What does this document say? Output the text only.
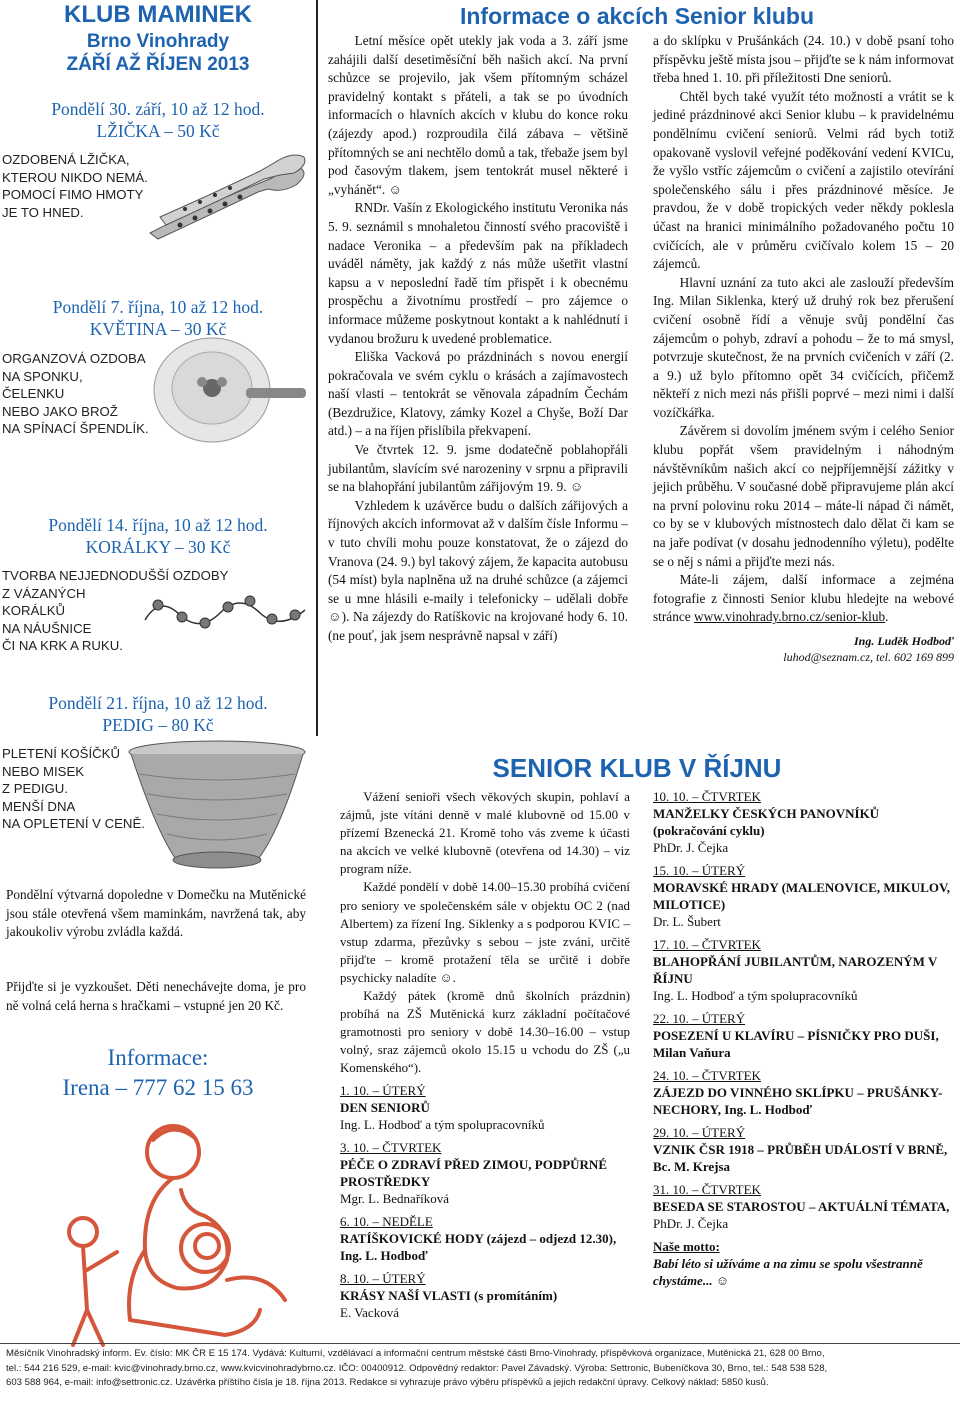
KLUB MAMINEK
Brno Vinohrady
ZÁŘÍ AŽ ŘÍJEN 2013
Pondělí 30. září, 10 až 12 hod.
LŽIČKA – 50 Kč
OZDOBENÁ LŽIČKA,
KTEROU NIKDO NEMÁ.
POMOCÍ FIMO HMOTY
JE TO HNED.
Pondělí 7. října, 10 až 12 hod.
KVĚTINA – 30 Kč
ORGANZOVÁ OZDOBA
NA SPONKU,
ČELENKU
NEBO JAKO BROŽ
NA SPÍNACÍ ŠPENDLÍK.
Pondělí 14. října, 10 až 12 hod.
KORÁLKY – 30 Kč
TVORBA NEJJEDNODUŠŠÍ OZDOBY
Z VÁZANÝCH
KORÁLKŮ
NA NÁUŠNICE
ČI NA KRK A RUKU.
Pondělí 21. října, 10 až 12 hod.
PEDIG – 80 Kč
PLETENÍ KOŠÍČKŮ
NEBO MISEK
Z PEDIGU.
MENŠÍ DNA
NA OPLETENÍ V CENĚ.

Pondělní výtvarná dopoledne v Domečku na Mutěnické jsou stále otevřená všem maminkám, navržená tak, aby jakoukoliv výrobu zvládla každá.

Přijďte si je vyzkoušet. Děti nenechávejte doma, je pro ně volná celá herna s hračkami – vstupné jen 20 Kč.

Informace:
Irena – 777 62 15 63
Informace o akcích Senior klubu

Letní měsíce opět utekly jak voda a 3. září jsme zahájili další desetiměsíční běh našich akcí. Na první schůzce se projevilo, jak všem přítomným scházel pravidelný kontakt s přáteli, a tak se po úvodních informacích o hlavních akcích v klubu do konce roku (zájezdy apod.) rozproudila čilá zábava – většině přítomných se ani nechtělo domů a tak, třebaže jsem byl pod časovým tlakem, jsem tentokrát musel některé i „vyhánět“. ☺

RNDr. Vašín z Ekologického institutu Veronika nás 5. 9. seznámil s mnohaletou činností svého pracoviště i nadace Veronika – a především pak na příkladech uváděl náměty, jak každý z nás může ušetřit vlastní kapsu a v neposlední řadě tím přispět i k obecnému prospěchu a životnímu prostředí – pro zájemce o informace můžeme poskytnout kontakt a k nahlédnutí i vydanou brožuru k uvedené problematice.

Eliška Vacková po prázdninách s novou energií pokračovala ve svém cyklu o krásách a zajímavostech naší vlasti – tentokrát se věnovala západním Čechám (Bezdružice, Klatovy, zámky Kozel a Chyše, Boží Dar atd.) – a na říjen přislíbila překvapení.

Ve čtvrtek 12. 9. jsme dodatečně poblahopřáli jubilantům, slavícím své narozeniny v srpnu a připravili se na blahopřání jubilantům zářijovým 19. 9. ☺

Vzhledem k uzávěrce budu o dalších zářijových a říjnových akcích informovat až v dalším čísle Informu – v tuto chvíli mohu pouze konstatovat, že o zájezd do Vranova (24. 9.) byl takový zájem, že kapacita autobusu (54 míst) byla naplněna už na druhé schůzce (a zájemci se u mne hlásili e-maily i telefonicky – udělali dobře ☺). Na zájezdy do Ratíškovic na krojované hody 6. 10. (ne pouť, jak jsem nesprávně napsal v září)

a do sklípku v Prušánkách (24. 10.) v době psaní toho příspěvku ještě místa jsou – přijďte se k nám informovat třeba hned 1. 10. při příležitosti Dne seniorů.

Chtěl bych také využít této možnosti a vrátit se k jediné prázdninové akci Senior klubu – k pravidelnému pondělnímu cvičení seniorů. Velmi rád bych totiž opakovaně vyslovil veřejné poděkování vedení KVICu, že vyšlo vstříc zájemcům o cvičení a zajistilo otevírání společenského sálu i přes prázdninové měsíce. Je pravdou, že v době tropických veder někdy poklesla účast na hranici minimálního požadovaného počtu 10 cvičících, ale v průměru cvičívalo kolem 15 – 20 zájemců.

Hlavní uznání za tuto akci ale zaslouží především Ing. Milan Siklenka, který už druhý rok bez přerušení cvičení osobně řídí a věnuje svůj pondělní čas zájemcům o pohyb, zdraví a pohodu – že to má smysl, potvrzuje skutečnost, že na prvních cvičeních v září (2. a 9.) už bylo přítomno opět 34 cvičících, přičemž někteří z nich mezi nás přišli poprvé – mezi nimi i další vozíčkářka.

Závěrem si dovolím jménem svým i celého Senior klubu popřát všem pravidelným i náhodným návštěvníkům našich akcí co nejpříjemnější zážitky v jejich průběhu. V současné době připravujeme plán akcí na první polovinu roku 2014 – máte-li nápad či námět, co by se v klubových místnostech dalo dělat či kam se na jaře podívat (v dosahu jednodenního výletu), podělte se o něj s námi a přijďte mezi nás.

Máte-li zájem, další informace a zejména fotografie z činnosti Senior klubu hledejte na webové stránce www.vinohrady.brno.cz/senior-klub.

Ing. Luděk Hodboď
luhod@seznam.cz, tel. 602 169 899
SENIOR KLUB V ŘÍJNU

Vážení senioři všech věkových skupin, pohlaví a zájmů, jste vítáni denně v malé klubovně od 15.00 v přízemí Bzenecká 21. Kromě toho vás zveme k účasti na akcích ve velké klubovně (otevřena od 14.30) – viz program níže.

Každé pondělí v době 14.00–15.30 probíhá cvičení pro seniory ve společenském sále v objektu OC 2 (nad Albertem) za řízení Ing. Siklenky a s podporou KVIC – vstup zdarma, přezůvky s sebou – jste zváni, určitě přijďte – kromě protažení těla se určitě i dobře psychicky naladíte ☺.

Každý pátek (kromě dnů školních prázdnin) probíhá na ZŠ Mutěnická kurz základní počítačové gramotnosti pro seniory v době 14.30–16.00 – vstup volný, sraz zájemců okolo 15.15 u vchodu do ZŠ („u Komenského“).

1. 10. – ÚTERÝ
DEN SENIORŮ
Ing. L. Hodboď a tým spolupracovníků
3. 10. – ČTVRTEK
PÉČE O ZDRAVÍ PŘED ZIMOU, PODPŮRNÉ PROSTŘEDKY
Mgr. L. Bednaříková
6. 10. – NEDĚLE
RATÍŠKOVICKÉ HODY (zájezd – odjezd 12.30), Ing. L. Hodboď
8. 10. – ÚTERÝ
KRÁSY NAŠÍ VLASTI (s promítáním)
E. Vacková
10. 10. – ČTVRTEK
MANŽELKY ČESKÝCH PANOVNÍKŮ (pokračování cyklu)
PhDr. J. Čejka
15. 10. – ÚTERÝ
MORAVSKÉ HRADY (MALENOVICE, MIKULOV, MILOTICE)
Dr. L. Šubert
17. 10. – ČTVRTEK
BLAHOPŘÁNÍ JUBILANTŮM, NAROZENÝM V ŘÍJNU
Ing. L. Hodboď a tým spolupracovníků
22. 10. – ÚTERÝ
POSEZENÍ U KLAVÍRU – PÍSNIČKY PRO DUŠI, Milan Vaňura
24. 10. – ČTVRTEK
ZÁJEZD DO VINNÉHO SKLÍPKU – PRUŠÁNKY-NECHORY, Ing. L. Hodboď
29. 10. – ÚTERÝ
VZNIK ČSR 1918 – PRŮBĚH UDÁLOSTÍ V BRNĚ, Bc. M. Krejsa
31. 10. – ČTVRTEK
BESEDA SE STAROSTOU – AKTUÁLNÍ TÉMATA,
PhDr. J. Čejka
Naše motto:
Babí léto si užíváme a na zimu se spolu všestranně chystáme... ☺
Měsíčník Vinohradský inform. Ev. číslo: MK ČR E 15 174. Vydává: Kulturní, vzdělávací a informační centrum městské části Brno-Vinohrady, příspěvková organizace, Mutěnická 21, 628 00 Brno,
tel.: 544 216 529, e-mail: kvic@vinohrady.brno.cz, www.kvicvinohradybrno.cz. IČO: 00400912. Odpovědný redaktor: Pavel Závadský. Výroba: Settronic, Bubeníčkova 30, Brno, tel.: 548 538 528,
603 588 964, e-mail: info@settronic.cz. Uzávěrka příštího čísla je 18. října 2013. Redakce si vyhrazuje právo výběru příspěvků a jejich redakční úpravy. Celkový náklad: 5850 kusů.
